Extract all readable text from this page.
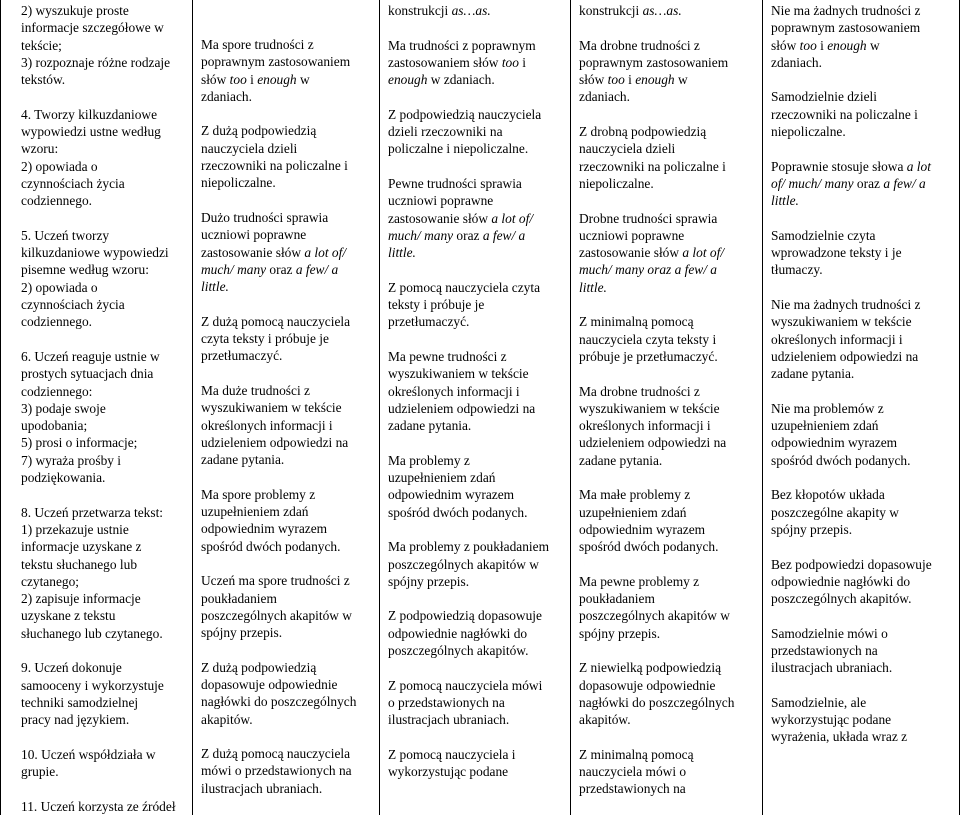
2) wyszukuje proste
informacje szczegółowe w
tekście;
3) rozpoznaje różne rodzaje
tekstów.
4. Tworzy kilkuzdaniowe
wypowiedzi ustne według
wzoru:
2) opowiada o
czynnościach życia
codziennego.
5. Uczeń tworzy
kilkuzdaniowe wypowiedzi
pisemne według wzoru:
2) opowiada o
czynnościach życia
codziennego.
6. Uczeń reaguje ustnie w
prostych sytuacjach dnia
codziennego:
3) podaje swoje
upodobania;
5) prosi o informacje;
7) wyraża prośby i
podziękowania.
8. Uczeń przetwarza tekst:
1) przekazuje ustnie
informacje uzyskane z
tekstu słuchanego lub
czytanego;
2) zapisuje informacje
uzyskane z tekstu
słuchanego lub czytanego.
9. Uczeń dokonuje
samooceny i wykorzystuje
techniki samodzielnej
pracy nad językiem.
10. Uczeń współdziała w
grupie.
11. Uczeń korzysta ze źródeł
Ma spore trudności z
poprawnym zastosowaniem
słów too i enough w
zdaniach.
Z dużą podpowiedzią
nauczyciela dzieli
rzeczowniki na policzalne i
niepoliczalne.
Dużo trudności sprawia
uczniowi poprawne
zastosowanie słów a lot of/
much/ many oraz a few/ a
little.
Z dużą pomocą nauczyciela
czyta teksty i próbuje je
przetłumaczyć.
Ma duże trudności z
wyszukiwaniem w tekście
określonych informacji i
udzieleniem odpowiedzi na
zadane pytania.
Ma spore problemy z
uzupełnieniem zdań
odpowiednim wyrazem
spośród dwóch podanych.
Uczeń ma spore trudności z
poukładaniem
poszczególnych akapitów w
spójny przepis.
Z dużą podpowiedzią
dopasowuje odpowiednie
nagłówki do poszczególnych
akapitów.
Z dużą pomocą nauczyciela
mówi o przedstawionych na
ilustracjach ubraniach.
konstrukcji as…as.
Ma trudności z poprawnym
zastosowaniem słów too i
enough w zdaniach.
Z podpowiedzią nauczyciela
dzieli rzeczowniki na
policzalne i niepoliczalne.
Pewne trudności sprawia
uczniowi poprawne
zastosowanie słów a lot of/
much/ many oraz a few/ a
little.
Z pomocą nauczyciela czyta
teksty i próbuje je
przetłumaczyć.
Ma pewne trudności z
wyszukiwaniem w tekście
określonych informacji i
udzieleniem odpowiedzi na
zadane pytania.
Ma problemy z
uzupełnieniem zdań
odpowiednim wyrazem
spośród dwóch podanych.
Ma problemy z poukładaniem
poszczególnych akapitów w
spójny przepis.
Z podpowiedzią dopasowuje
odpowiednie nagłówki do
poszczególnych akapitów.
Z pomocą nauczyciela mówi
o przedstawionych na
ilustracjach ubraniach.
Z pomocą nauczyciela i
wykorzystując podane
konstrukcji as…as.
Ma drobne trudności z
poprawnym zastosowaniem
słów too i enough w
zdaniach.
Z drobną podpowiedzią
nauczyciela dzieli
rzeczowniki na policzalne i
niepoliczalne.
Drobne trudności sprawia
uczniowi poprawne
zastosowanie słów a lot of/
much/ many oraz a few/ a
little.
Z minimalną pomocą
nauczyciela czyta teksty i
próbuje je przetłumaczyć.
Ma drobne trudności z
wyszukiwaniem w tekście
określonych informacji i
udzieleniem odpowiedzi na
zadane pytania.
Ma małe problemy z
uzupełnieniem zdań
odpowiednim wyrazem
spośród dwóch podanych.
Ma pewne problemy z
poukładaniem
poszczególnych akapitów w
spójny przepis.
Z niewielką podpowiedzią
dopasowuje odpowiednie
nagłówki do poszczególnych
akapitów.
Z minimalną pomocą
nauczyciela mówi o
przedstawionych na
Nie ma żadnych trudności z
poprawnym zastosowaniem
słów too i enough w
zdaniach.
Samodzielnie dzieli
rzeczowniki na policzalne i
niepoliczalne.
Poprawnie stosuje słowa a lot
of/ much/ many oraz a few/ a
little.
Samodzielnie czyta
wprowadzone teksty i je
tłumaczy.
Nie ma żadnych trudności z
wyszukiwaniem w tekście
określonych informacji i
udzieleniem odpowiedzi na
zadane pytania.
Nie ma problemów z
uzupełnieniem zdań
odpowiednim wyrazem
spośród dwóch podanych.
Bez kłopotów układa
poszczególne akapity w
spójny przepis.
Bez podpowiedzi dopasowuje
odpowiednie nagłówki do
poszczególnych akapitów.
Samodzielnie mówi o
przedstawionych na
ilustracjach ubraniach.
Samodzielnie, ale
wykorzystując podane
wyrażenia, układa wraz z
